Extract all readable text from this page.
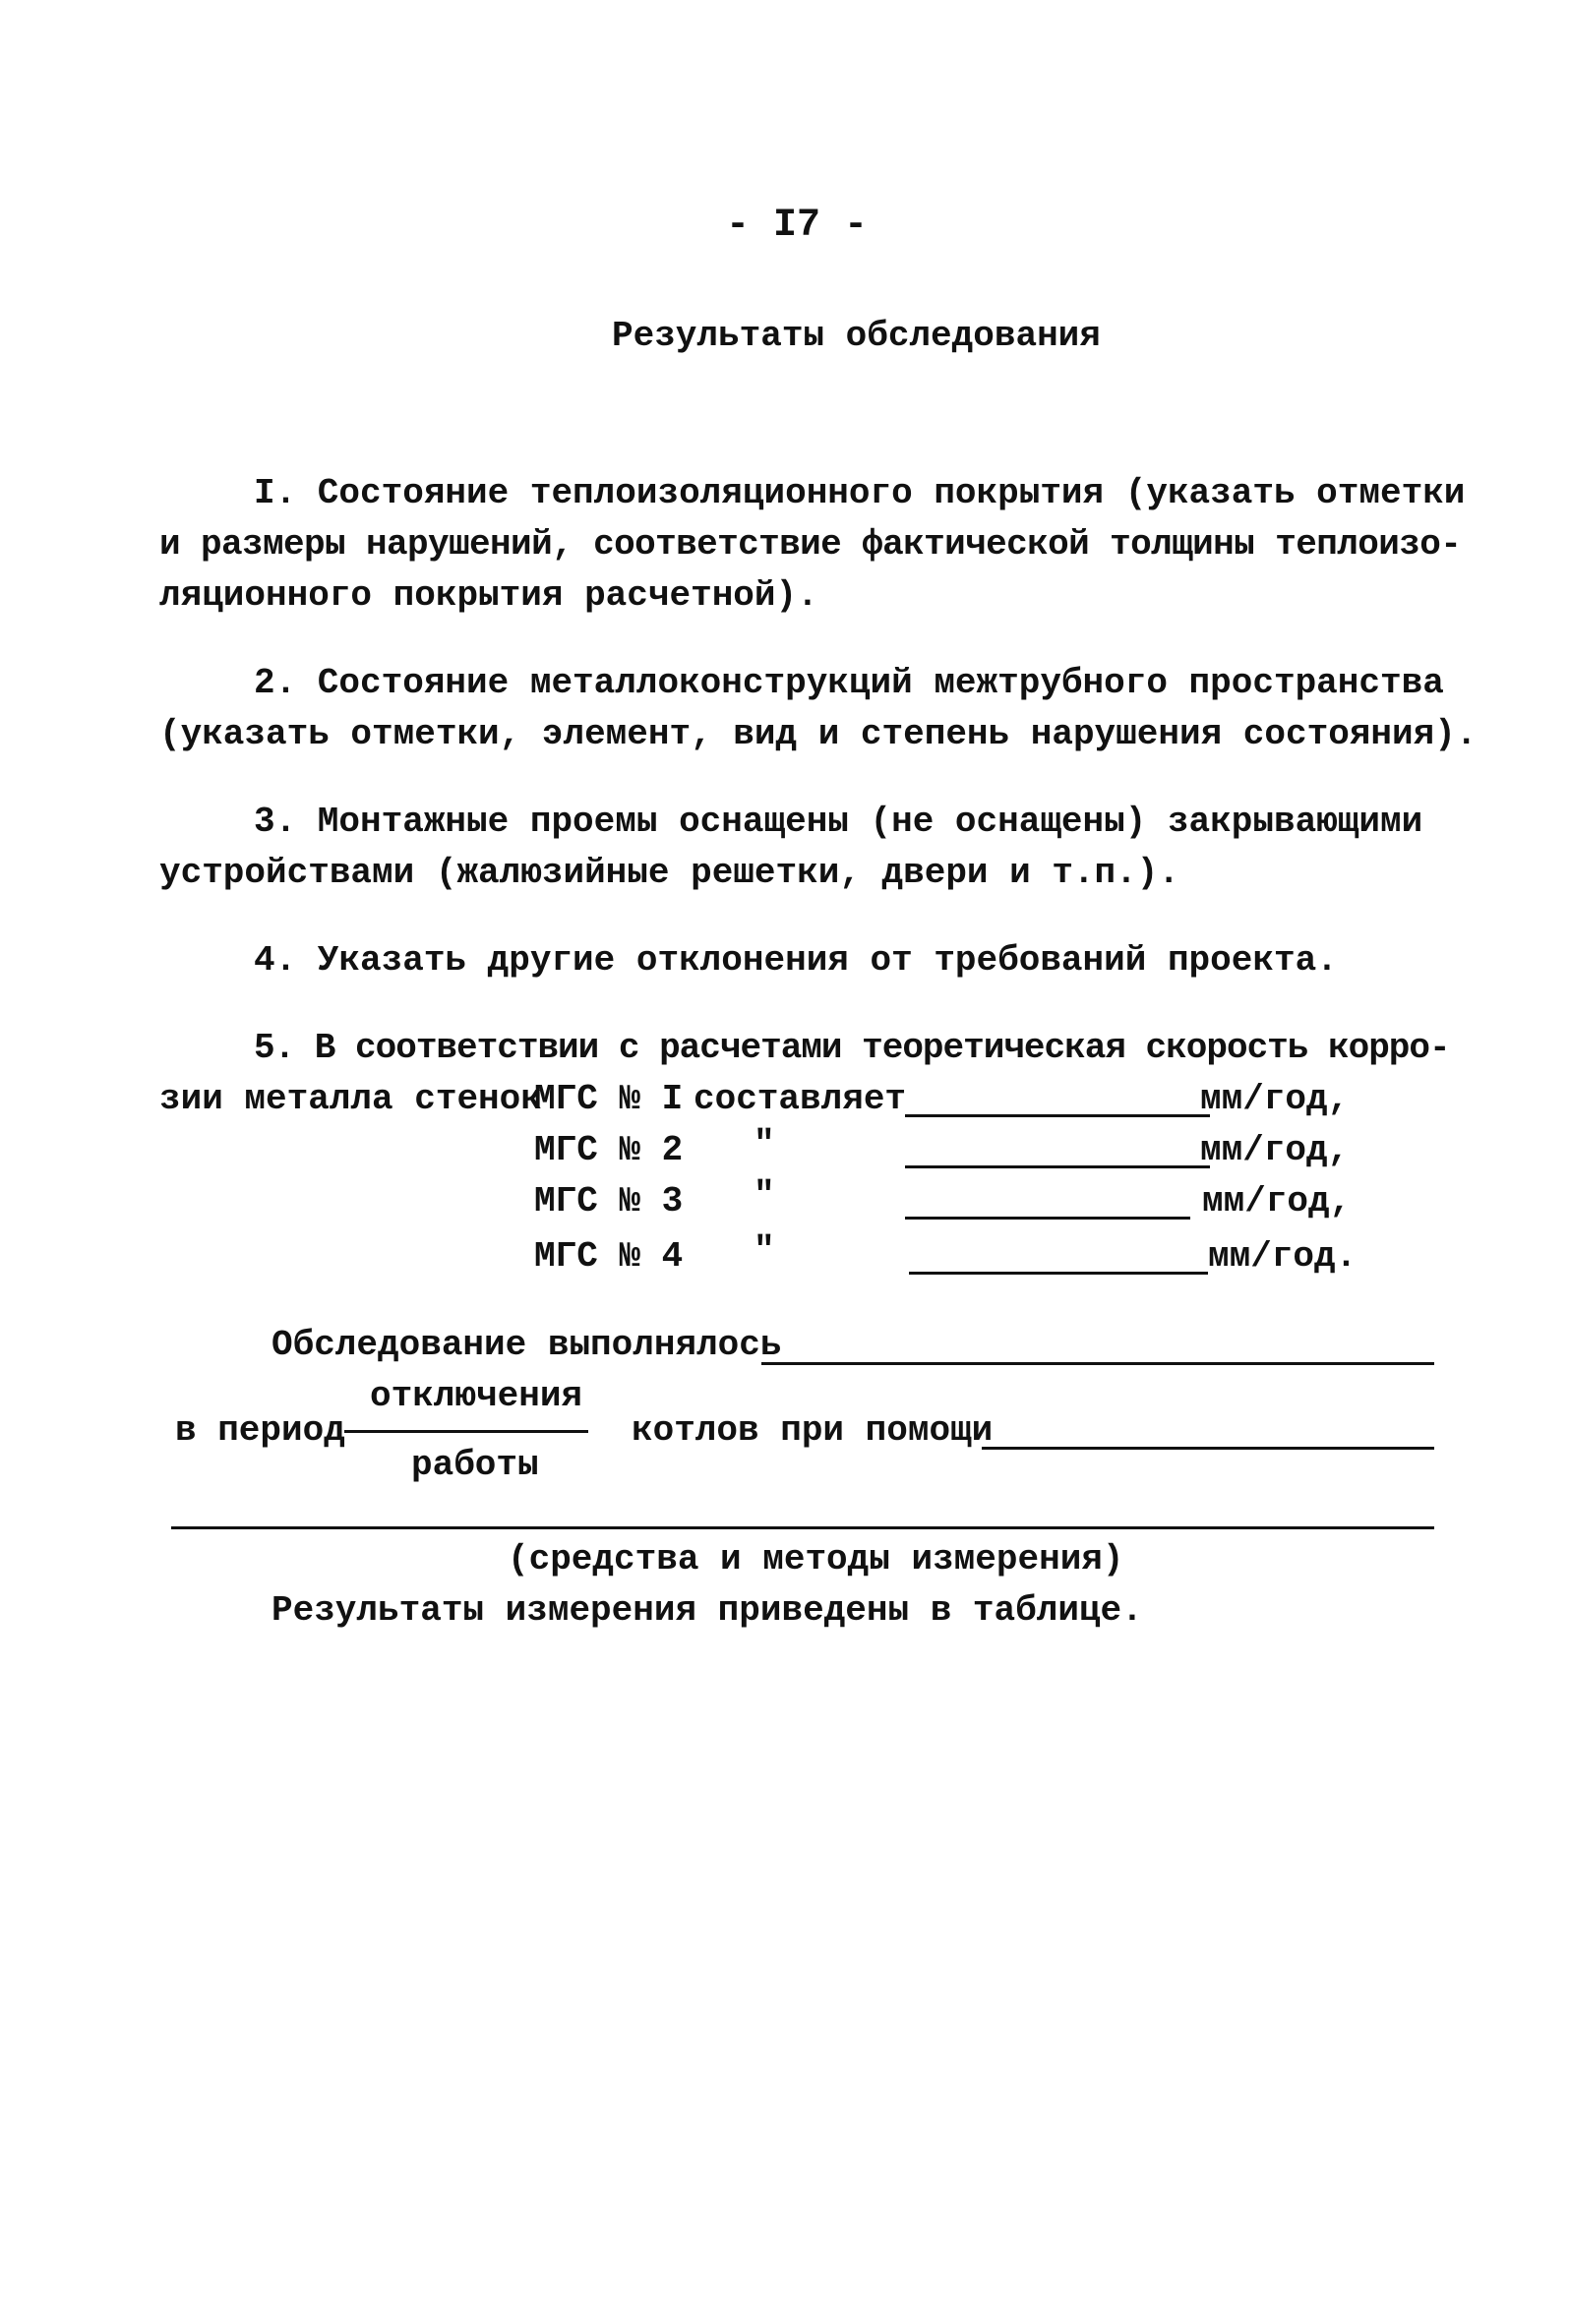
- I7 -
Результаты обследования
I. Состояние теплоизоляционного покрытия (указать отметки
и размеры нарушений, соответствие фактической толщины теплоизо-
ляционного покрытия расчетной).
2. Состояние металлоконструкций межтрубного пространства
(указать отметки, элемент, вид и степень нарушения состояния).
3. Монтажные проемы оснащены (не оснащены) закрывающими
устройствами (жалюзийные решетки, двери и т.п.).
4. Указать другие отклонения от требований проекта.
5. В соответствии с расчетами теоретическая скорость корро-
зии металла стенок
МГС № I составляет	мм/год,
МГС № 2 "	мм/год,
МГС № 3 "	мм/год,
МГС № 4 "	мм/год.
Обследование выполнялось
отключения
в период	котлов при помощи
работы
(средства и методы измерения)
Результаты измерения приведены в таблице.
